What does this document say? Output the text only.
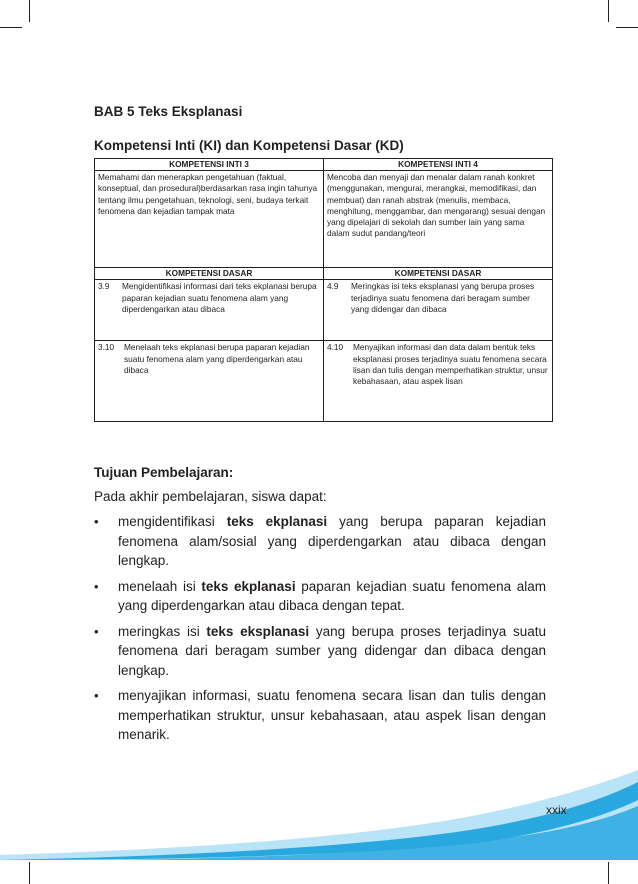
BAB 5 Teks Eksplanasi
Kompetensi Inti (KI) dan Kompetensi Dasar (KD)
KOMPETENSI INTI 3	KOMPETENSI INTI 4
Memahami dan menerapkan pengetahuan (faktual, konseptual, dan prosedural)berdasarkan rasa ingin tahunya tentang ilmu pengetahuan, teknologi, seni, budaya terkait fenomena dan kejadian tampak mata	Mencoba dan menyaji dan menalar dalam ranah konkret (menggunakan, mengurai, merangkai, memodifikasi, dan membuat) dan ranah abstrak (menulis, membaca, menghitung, menggambar, dan mengarang) sesuai dengan yang dipelajari di sekolah dan sumber lain yang sama dalam sudut pandang/teori
KOMPETENSI DASAR	KOMPETENSI DASAR

3.9 Mengidentifikasi informasi dari teks ekplanasi berupa paparan kejadian suatu fenomena alam yang diperdengarkan atau dibaca	4.9 Meringkas isi teks eksplanasi yang berupa proses terjadinya suatu fenomena dari beragam sumber yang didengar dan dibaca

3.10 Menelaah teks ekplanasi berupa paparan kejadian suatu fenomena alam yang diperdengarkan atau dibaca	4.10 Menyajikan informasi dan data dalam bentuk teks eksplanasi proses terjadinya suatu fenomena secara lisan dan tulis dengan memperhatikan struktur, unsur kebahasaan, atau aspek lisan
Tujuan Pembelajaran:
Pada akhir pembelajaran, siswa dapat:
•	mengidentifikasi teks ekplanasi yang berupa paparan kejadian fenomena alam/sosial yang diperdengarkan atau dibaca dengan lengkap.
•	menelaah isi teks ekplanasi paparan kejadian suatu fenomena alam yang diperdengarkan atau dibaca dengan tepat.
•	meringkas isi teks eksplanasi yang berupa proses terjadinya suatu fenomena dari beragam sumber yang didengar dan dibaca dengan lengkap.
•	menyajikan informasi, suatu fenomena secara lisan dan tulis dengan memperhatikan struktur, unsur kebahasaan, atau aspek lisan dengan menarik.
xxix
